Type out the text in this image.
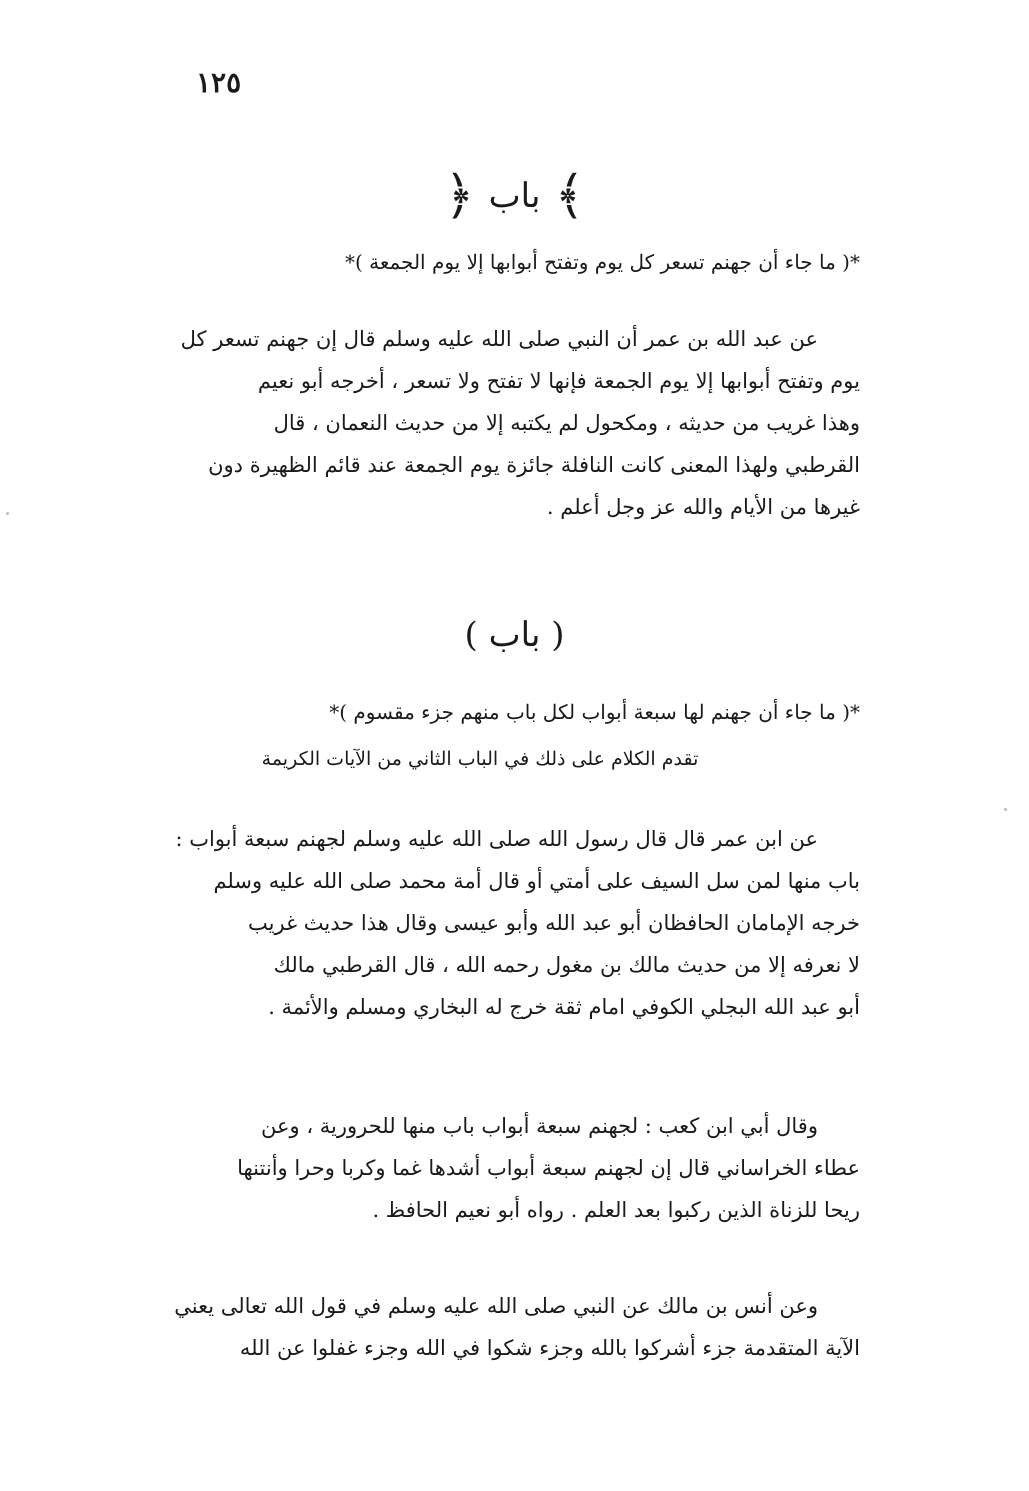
١٢٥
﴾
باب
﴿
*( ما جاء أن جهنم تسعر كل يوم وتفتح أبوابها إلا يوم الجمعة )*
عن عبد الله بن عمر أن النبي صلى الله عليه وسلم قال إن جهنم تسعر كل
يوم وتفتح أبوابها إلا يوم الجمعة فإنها لا تفتح ولا تسعر ، أخرجه أبو نعيم
وهذا غريب من حديثه ، ومكحول لم يكتبه إلا من حديث النعمان ، قال
القرطبي ولهذا المعنى كانت النافلة جائزة يوم الجمعة عند قائم الظهيرة دون
غيرها من الأيام والله عز وجل أعلم .
( باب )
*( ما جاء أن جهنم لها سبعة أبواب لكل باب منهم جزء مقسوم )*
تقدم الكلام على ذلك في الباب الثاني من الآيات الكريمة
عن ابن عمر قال قال رسول الله صلى الله عليه وسلم لجهنم سبعة أبواب :
باب منها لمن سل السيف على أمتي أو قال أمة محمد صلى الله عليه وسلم
خرجه الإمامان الحافظان أبو عبد الله وأبو عيسى وقال هذا حديث غريب
لا نعرفه إلا من حديث مالك بن مغول رحمه الله ، قال القرطبي مالك
أبو عبد الله البجلي الكوفي امام ثقة خرج له البخاري ومسلم والأئمة .
وقال أبي ابن كعب : لجهنم سبعة أبواب باب منها للحرورية ، وعن
عطاء الخراساني قال إن لجهنم سبعة أبواب أشدها غما وكربا وحرا وأنتنها
ريحا للزناة الذين ركبوا بعد العلم . رواه أبو نعيم الحافظ .
وعن أنس بن مالك عن النبي صلى الله عليه وسلم في قول الله تعالى يعني
الآية المتقدمة جزء أشركوا بالله وجزء شكوا في الله وجزء غفلوا عن الله
